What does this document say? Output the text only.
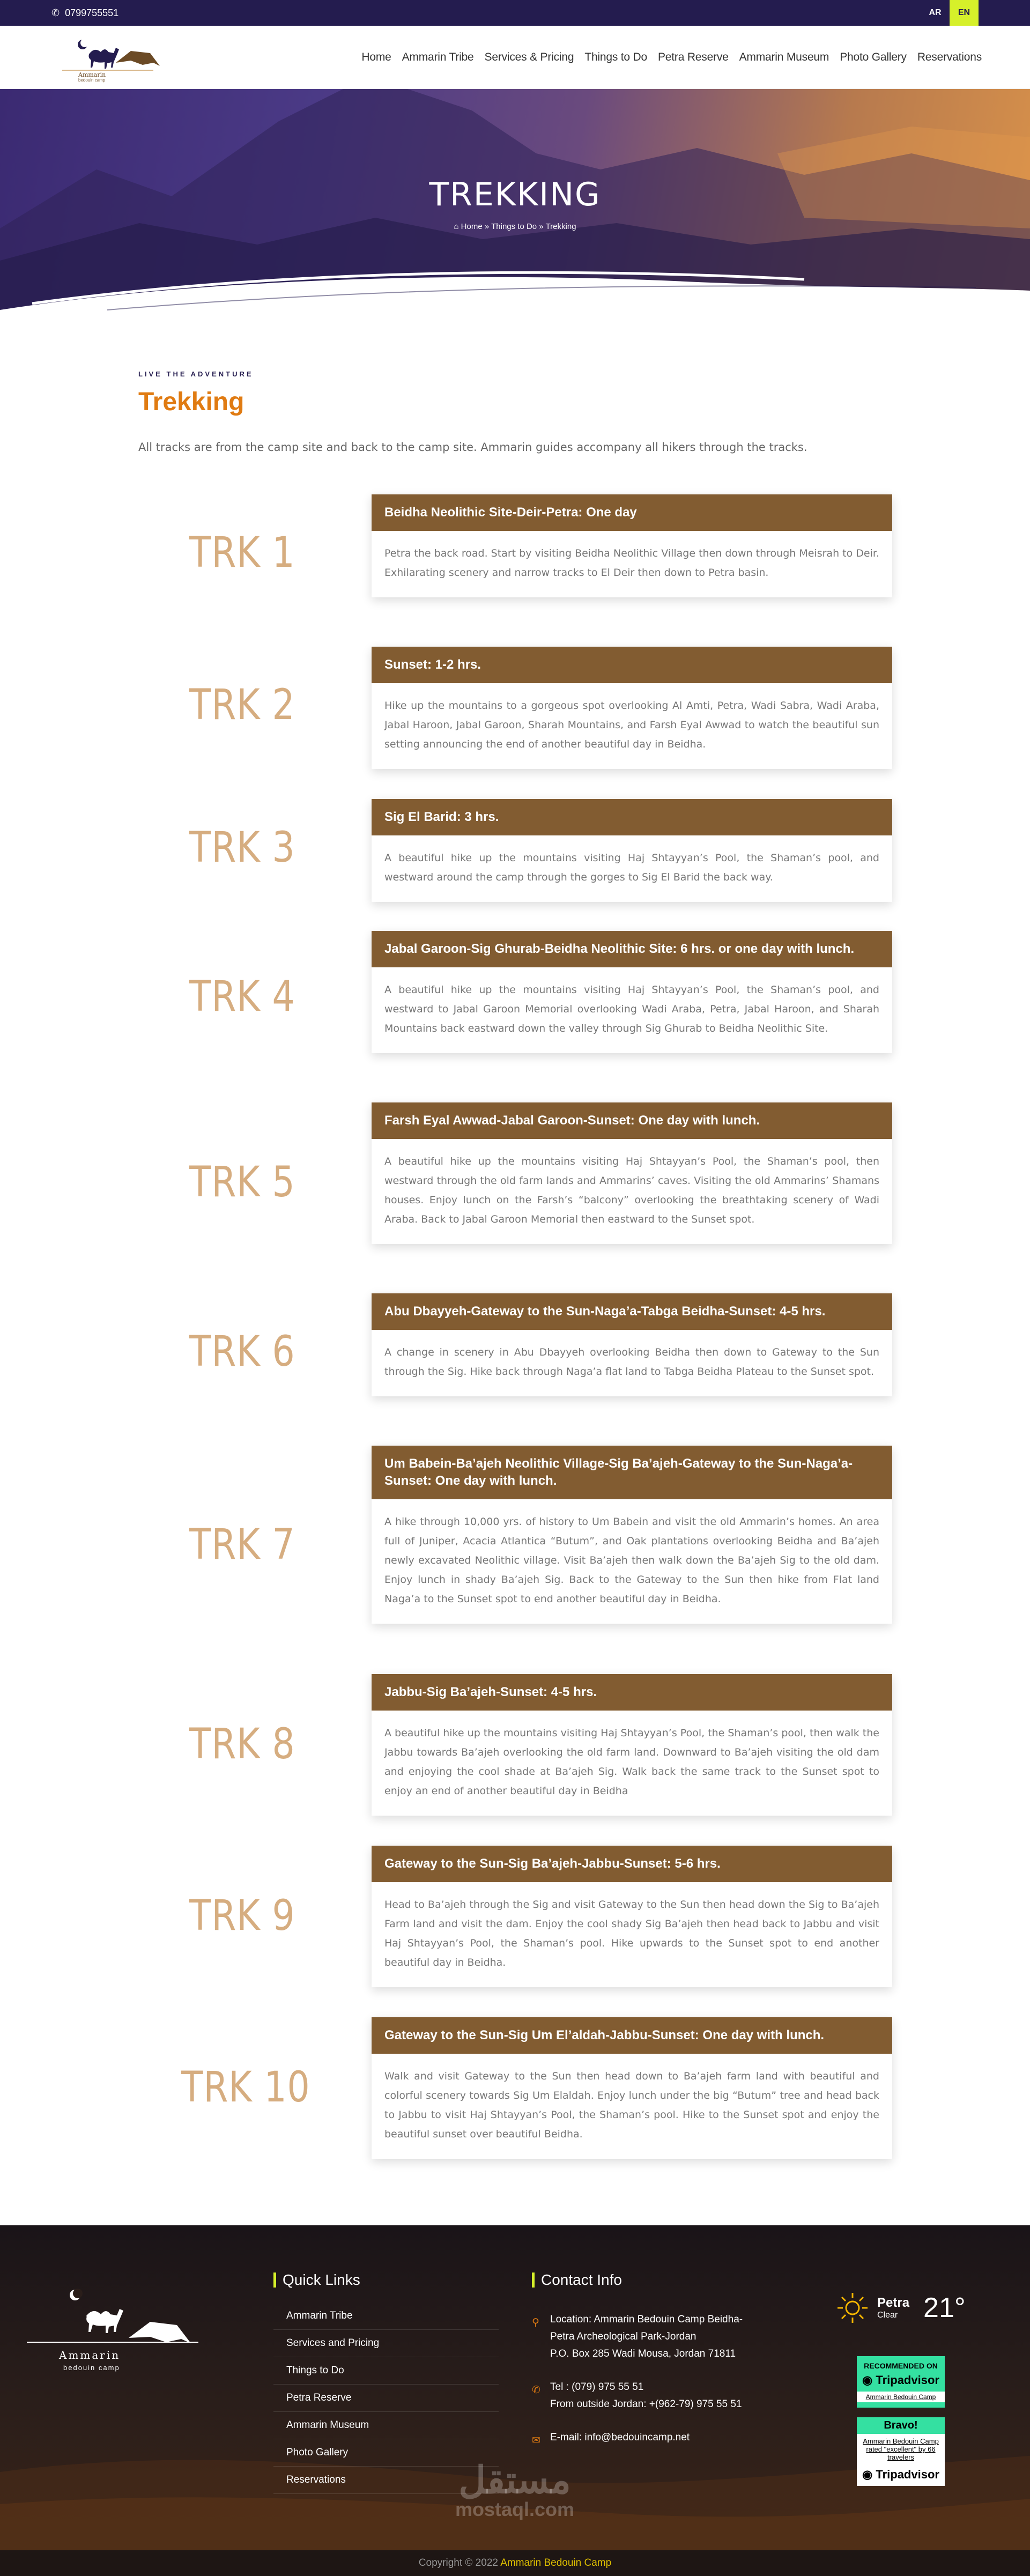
✆ 0799755551	AR	EN
Ammarin
bedouin camp
Home Ammarin Tribe Services & Pricing Things to Do Petra Reserve Ammarin Museum Photo Gallery Reservations
TREKKING
⌂ Home » Things to Do » Trekking
LIVE THE ADVENTURE
Trekking
All tracks are from the camp site and back to the camp site. Ammarin guides accompany all hikers through the tracks.
TRK 1
Beidha Neolithic Site-Deir-Petra: One day
Petra the back road. Start by visiting Beidha Neolithic Village then down through Meisrah to Deir. Exhilarating scenery and narrow tracks to El Deir then down to Petra basin.
TRK 2
Sunset: 1-2 hrs.
Hike up the mountains to a gorgeous spot overlooking Al Amti, Petra, Wadi Sabra, Wadi Araba, Jabal Haroon, Jabal Garoon, Sharah Mountains, and Farsh Eyal Awwad to watch the beautiful sun setting announcing the end of another beautiful day in Beidha.
TRK 3
Sig El Barid: 3 hrs.
A beautiful hike up the mountains visiting Haj Shtayyan’s Pool, the Shaman’s pool, and westward around the camp through the gorges to Sig El Barid the back way.
TRK 4
Jabal Garoon-Sig Ghurab-Beidha Neolithic Site: 6 hrs. or one day with lunch.
A beautiful hike up the mountains visiting Haj Shtayyan’s Pool, the Shaman’s pool, and westward to Jabal Garoon Memorial overlooking Wadi Araba, Petra, Jabal Haroon, and Sharah Mountains back eastward down the valley through Sig Ghurab to Beidha Neolithic Site.
TRK 5
Farsh Eyal Awwad-Jabal Garoon-Sunset: One day with lunch.
A beautiful hike up the mountains visiting Haj Shtayyan’s Pool, the Shaman’s pool, then westward through the old farm lands and Ammarins’ caves. Visiting the old Ammarins’ Shamans houses. Enjoy lunch on the Farsh’s “balcony” overlooking the breathtaking scenery of Wadi Araba. Back to Jabal Garoon Memorial then eastward to the Sunset spot.
TRK 6
Abu Dbayyeh-Gateway to the Sun-Naga’a-Tabga Beidha-Sunset: 4-5 hrs.
A change in scenery in Abu Dbayyeh overlooking Beidha then down to Gateway to the Sun through the Sig. Hike back through Naga’a flat land to Tabga Beidha Plateau to the Sunset spot.
TRK 7
Um Babein-Ba’ajeh Neolithic Village-Sig Ba’ajeh-Gateway to the Sun-Naga’a-Sunset: One day with lunch.
A hike through 10,000 yrs. of history to Um Babein and visit the old Ammarin’s homes. An area full of Juniper, Acacia Atlantica “Butum”, and Oak plantations overlooking Beidha and Ba’ajeh newly excavated Neolithic village. Visit Ba’ajeh then walk down the Ba’ajeh Sig to the old dam. Enjoy lunch in shady Ba’ajeh Sig. Back to the Gateway to the Sun then hike from Flat land Naga’a to the Sunset spot to end another beautiful day in Beidha.
TRK 8
Jabbu-Sig Ba’ajeh-Sunset: 4-5 hrs.
A beautiful hike up the mountains visiting Haj Shtayyan’s Pool, the Shaman’s pool, then walk the Jabbu towards Ba’ajeh overlooking the old farm land. Downward to Ba’ajeh visiting the old dam and enjoying the cool shade at Ba’ajeh Sig. Walk back the same track to the Sunset spot to enjoy an end of another beautiful day in Beidha
TRK 9
Gateway to the Sun-Sig Ba’ajeh-Jabbu-Sunset: 5-6 hrs.
Head to Ba’ajeh through the Sig and visit Gateway to the Sun then head down the Sig to Ba’ajeh Farm land and visit the dam. Enjoy the cool shady Sig Ba’ajeh then head back to Jabbu and visit Haj Shtayyan’s Pool, the Shaman’s pool. Hike upwards to the Sunset spot to end another beautiful day in Beidha.
TRK 10
Gateway to the Sun-Sig Um El’aldah-Jabbu-Sunset: One day with lunch.
Walk and visit Gateway to the Sun then head down to Ba’ajeh farm land with beautiful and colorful scenery towards Sig Um Elaldah. Enjoy lunch under the big “Butum” tree and head back to Jabbu to visit Haj Shtayyan’s Pool, the Shaman’s pool. Hike to the Sunset spot and enjoy the beautiful sunset over beautiful Beidha.
Ammarin
bedouin camp
Quick Links
Ammarin Tribe
Services and Pricing
Things to Do
Petra Reserve
Ammarin Museum
Photo Gallery
Reservations
Contact Info
⚲	Location: Ammarin Bedouin Camp Beidha-Petra Archeological Park-Jordan
P.O. Box 285 Wadi Mousa, Jordan 71811
✆ Tel : (079) 975 55 51
From outside Jordan: +(962-79) 975 55 51
✉ E-mail: info@bedouincamp.net
Petra
Clear 21°
RECOMMENDED ON
◉ Tripadvisor
Ammarin Bedouin Camp
Bravo!
Ammarin Bedouin Camp rated "excellent" by 66 travelers
◉ Tripadvisor
مستقل
mostaql.com
Copyright © 2022 Ammarin Bedouin Camp
